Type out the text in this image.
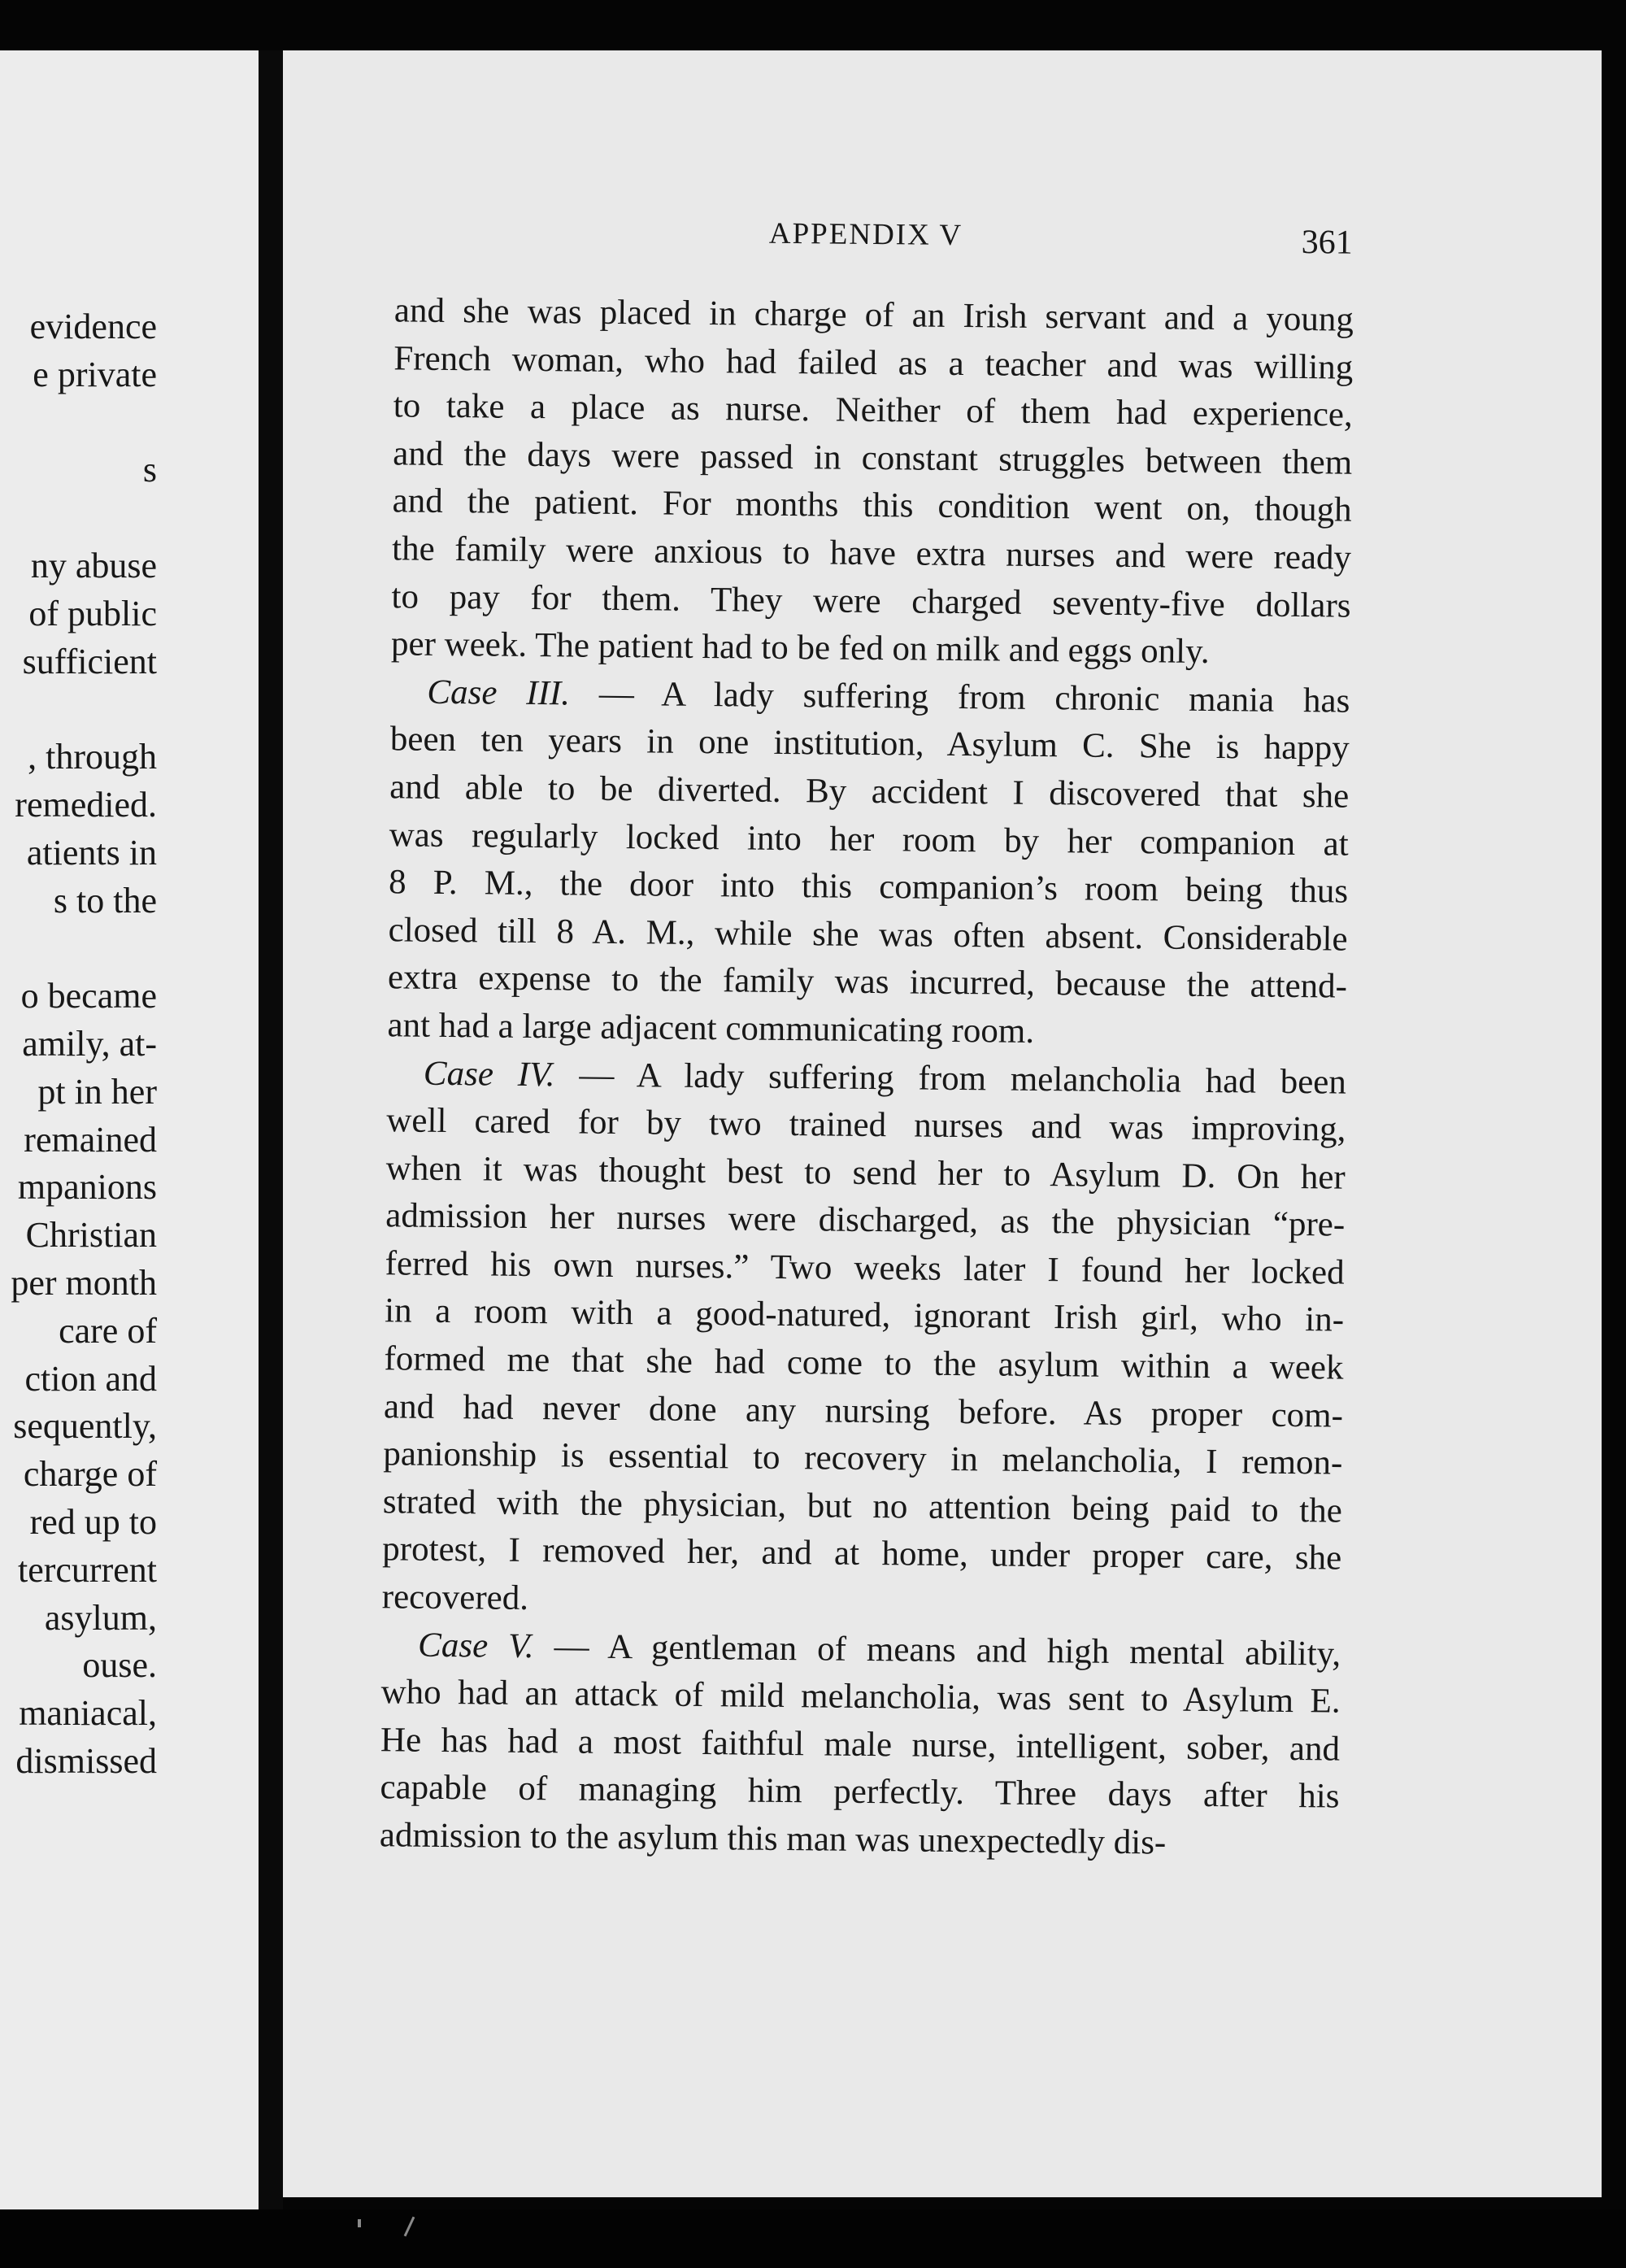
evidence
e private
s
ny abuse
of public
sufficient
, through
remedied.
atients in
s to the
o became
amily, at-
pt in her
remained
mpanions
Christian
per month
care of
ction and
sequently,
charge of
red up to
tercurrent
asylum,
ouse.
maniacal,
dismissed
APPENDIX V	361
and she was placed in charge of an Irish servant and a young
French woman, who had failed as a teacher and was willing
to take a place as nurse. Neither of them had experience,
and the days were passed in constant struggles between them
and the patient. For months this condition went on, though
the family were anxious to have extra nurses and were ready
to pay for them. They were charged seventy-five dollars
per week. The patient had to be fed on milk and eggs only.
Case III. — A lady suffering from chronic mania has
been ten years in one institution, Asylum C. She is happy
and able to be diverted. By accident I discovered that she
was regularly locked into her room by her companion at
8 P. M., the door into this companion’s room being thus
closed till 8 A. M., while she was often absent. Considerable
extra expense to the family was incurred, because the attend-
ant had a large adjacent communicating room.
Case IV. — A lady suffering from melancholia had been
well cared for by two trained nurses and was improving,
when it was thought best to send her to Asylum D. On her
admission her nurses were discharged, as the physician “pre-
ferred his own nurses.” Two weeks later I found her locked
in a room with a good-natured, ignorant Irish girl, who in-
formed me that she had come to the asylum within a week
and had never done any nursing before. As proper com-
panionship is essential to recovery in melancholia, I remon-
strated with the physician, but no attention being paid to the
protest, I removed her, and at home, under proper care, she
recovered.
Case V. — A gentleman of means and high mental ability,
who had an attack of mild melancholia, was sent to Asylum E.
He has had a most faithful male nurse, intelligent, sober, and
capable of managing him perfectly. Three days after his
admission to the asylum this man was unexpectedly dis-
